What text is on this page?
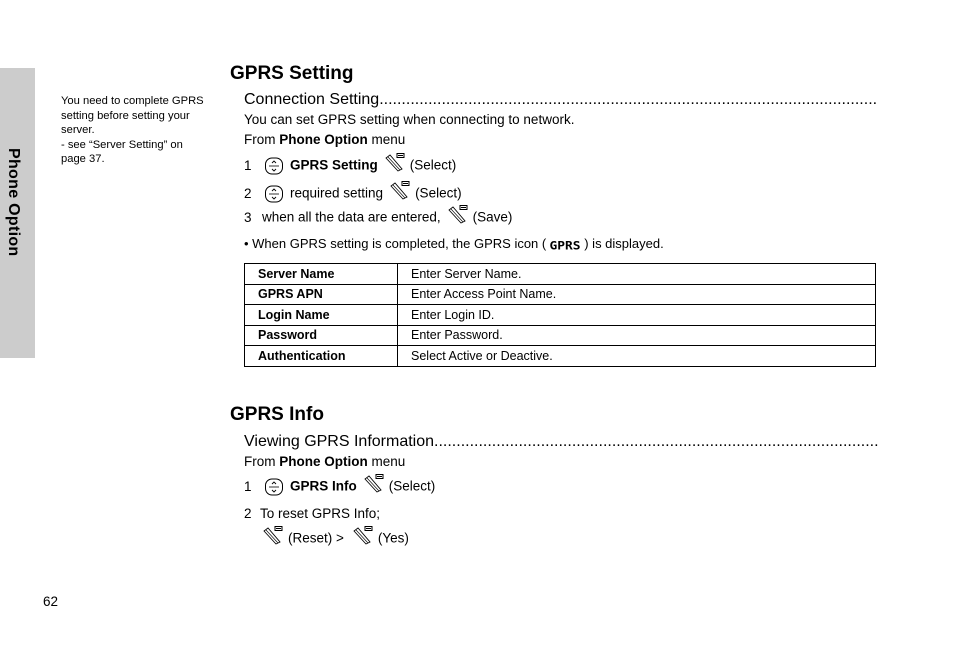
Phone Option
You need to complete GPRS
setting before setting your
server.
- see “Server Setting” on
page 37.
GPRS Setting
Connection Setting
.....
You can set GPRS setting when connecting to network.
From Phone Option menu
1	GPRS Setting (Select)
2	required setting (Select)
3 when all the data are entered, (Save)
• When GPRS setting is completed, the GPRS icon ( GPRS ) is displayed.
Server Name	Enter Server Name.
GPRS APN	Enter Access Point Name.
Login Name	Enter Login ID.
Password	Enter Password.
Authentication	Select Active or Deactive.
GPRS Info
Viewing GPRS Information
.....
From Phone Option menu
1	GPRS Info (Select)
2 To reset GPRS Info;
(Reset) >	(Yes)
62
